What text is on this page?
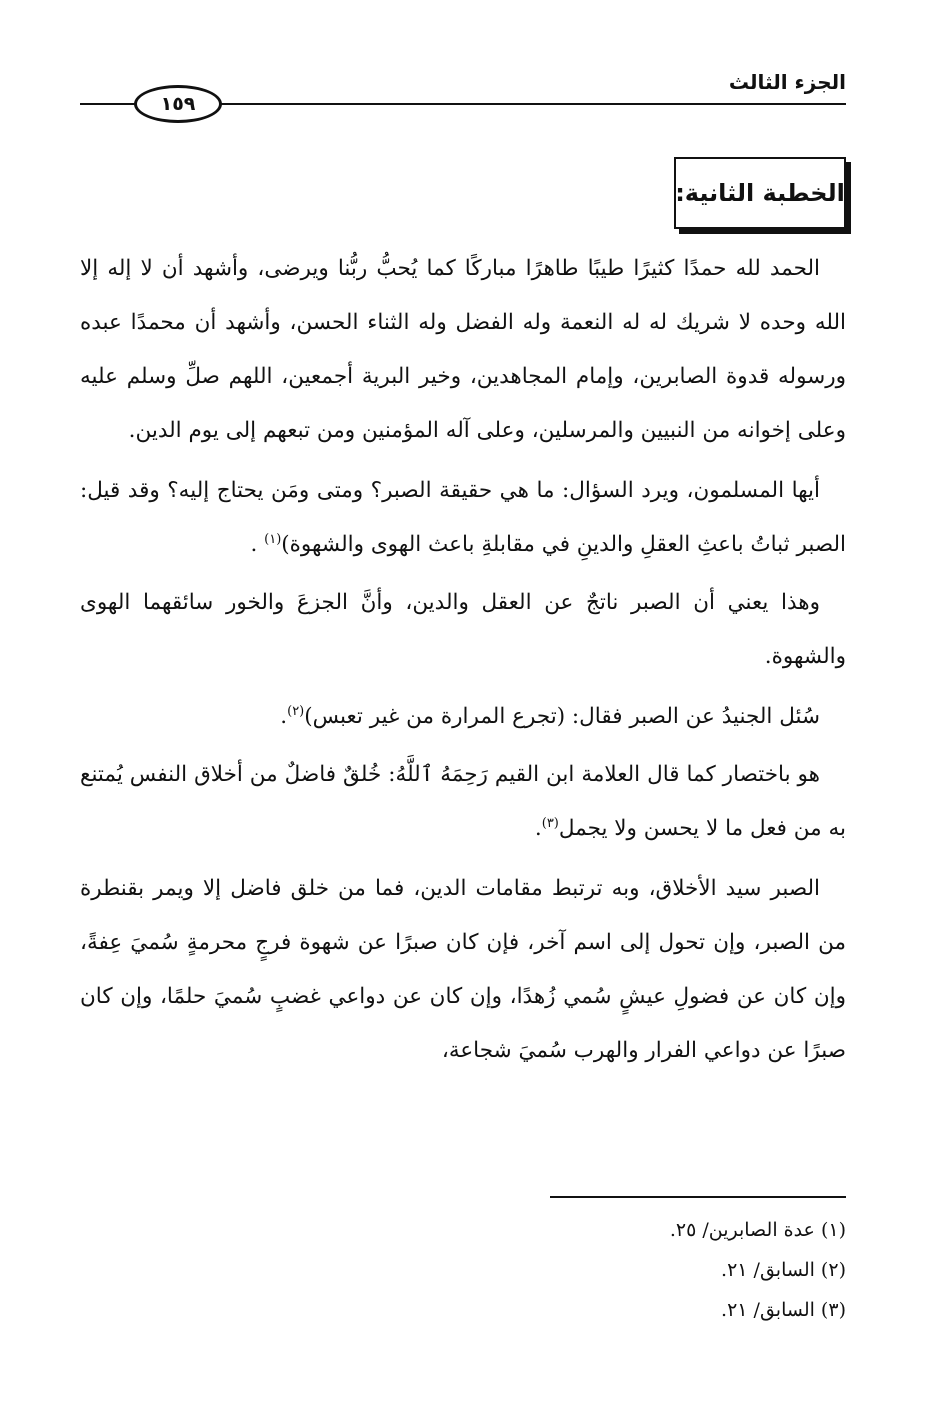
الجزء الثالث
١٥٩
الخطبة الثانية:

الحمد لله حمدًا كثيرًا طيبًا طاهرًا مباركًا كما يُحبُّ ربُّنا ويرضى، وأشهد أن لا إله إلا الله وحده لا شريك له له النعمة وله الفضل وله الثناء الحسن، وأشهد أن محمدًا عبده ورسوله قدوة الصابرين، وإمام المجاهدين، وخير البرية أجمعين، اللهم صلِّ وسلم عليه وعلى إخوانه من النبيين والمرسلين، وعلى آله المؤمنين ومن تبعهم إلى يوم الدين.

أيها المسلمون، ويرد السؤال: ما هي حقيقة الصبر؟ ومتى ومَن يحتاج إليه؟ وقد قيل: الصبر ثباتُ باعثِ العقلِ والدينِ في مقابلةِ باعث الهوى والشهوة)$^{(١)}$ .

وهذا يعني أن الصبر ناتجٌ عن العقل والدين، وأنَّ الجزعَ والخور سائقهما الهوى والشهوة.

سُئل الجنيدُ عن الصبر فقال: (تجرع المرارة من غير تعبس)$^{(٢)}$.

هو باختصار كما قال العلامة ابن القيم رَحِمَهُ ٱللَّهُ: خُلقٌ فاضلٌ من أخلاق النفس يُمتنع به من فعل ما لا يحسن ولا يجمل$^{(٣)}$.

الصبر سيد الأخلاق، وبه ترتبط مقامات الدين، فما من خلق فاضل إلا ويمر بقنطرة من الصبر، وإن تحول إلى اسم آخر، فإن كان صبرًا عن شهوة فرجٍ محرمةٍ سُميَ عِفةً، وإن كان عن فضولِ عيشٍ سُمي زُهدًا، وإن كان عن دواعي غضبٍ سُميَ حلمًا، وإن كان صبرًا عن دواعي الفرار والهرب سُميَ شجاعة،

(١) عدة الصابرين/ ٢٥.
(٢) السابق/ ٢١.
(٣) السابق/ ٢١.
